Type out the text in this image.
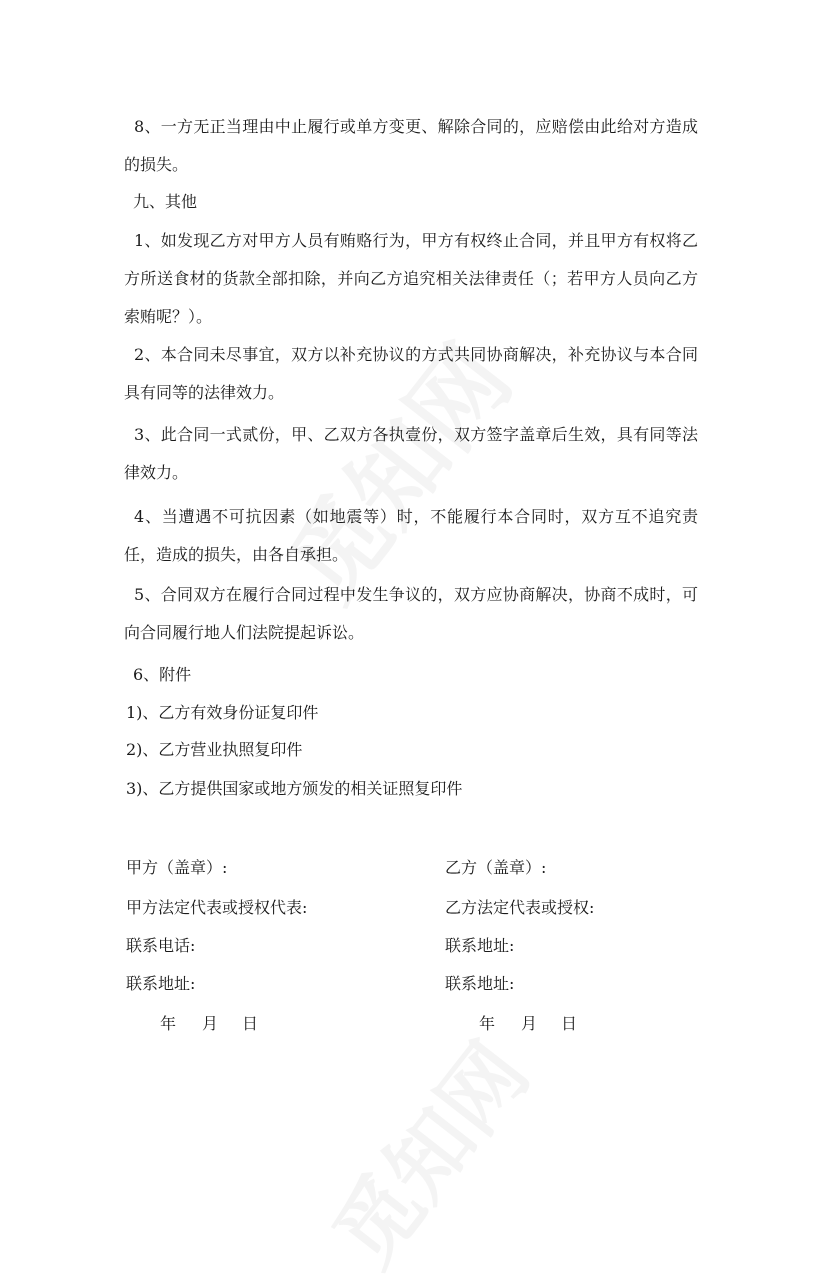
8、一方无正当理由中止履行或单方变更、解除合同的，应赔偿由此给对方造成的损失。

九、其他

1、如发现乙方对甲方人员有贿赂行为，甲方有权终止合同，并且甲方有权将乙方所送食材的货款全部扣除，并向乙方追究相关法律责任（；若甲方人员向乙方索贿呢？）。

2、本合同未尽事宜，双方以补充协议的方式共同协商解决，补充协议与本合同具有同等的法律效力。

3、此合同一式贰份，甲、乙双方各执壹份，双方签字盖章后生效，具有同等法律效力。

4、当遭遇不可抗因素（如地震等）时，不能履行本合同时，双方互不追究责任，造成的损失，由各自承担。

5、合同双方在履行合同过程中发生争议的，双方应协商解决，协商不成时，可向合同履行地人们法院提起诉讼。

6、附件

1)、乙方有效身份证复印件

2)、乙方营业执照复印件

3)、乙方提供国家或地方颁发的相关证照复印件

甲方（盖章）:	乙方（盖章）:
甲方法定代表或授权代表:	乙方法定代表或授权:
联系电话:	联系地址:
联系地址:	联系地址:
年 月 日	年 月 日
